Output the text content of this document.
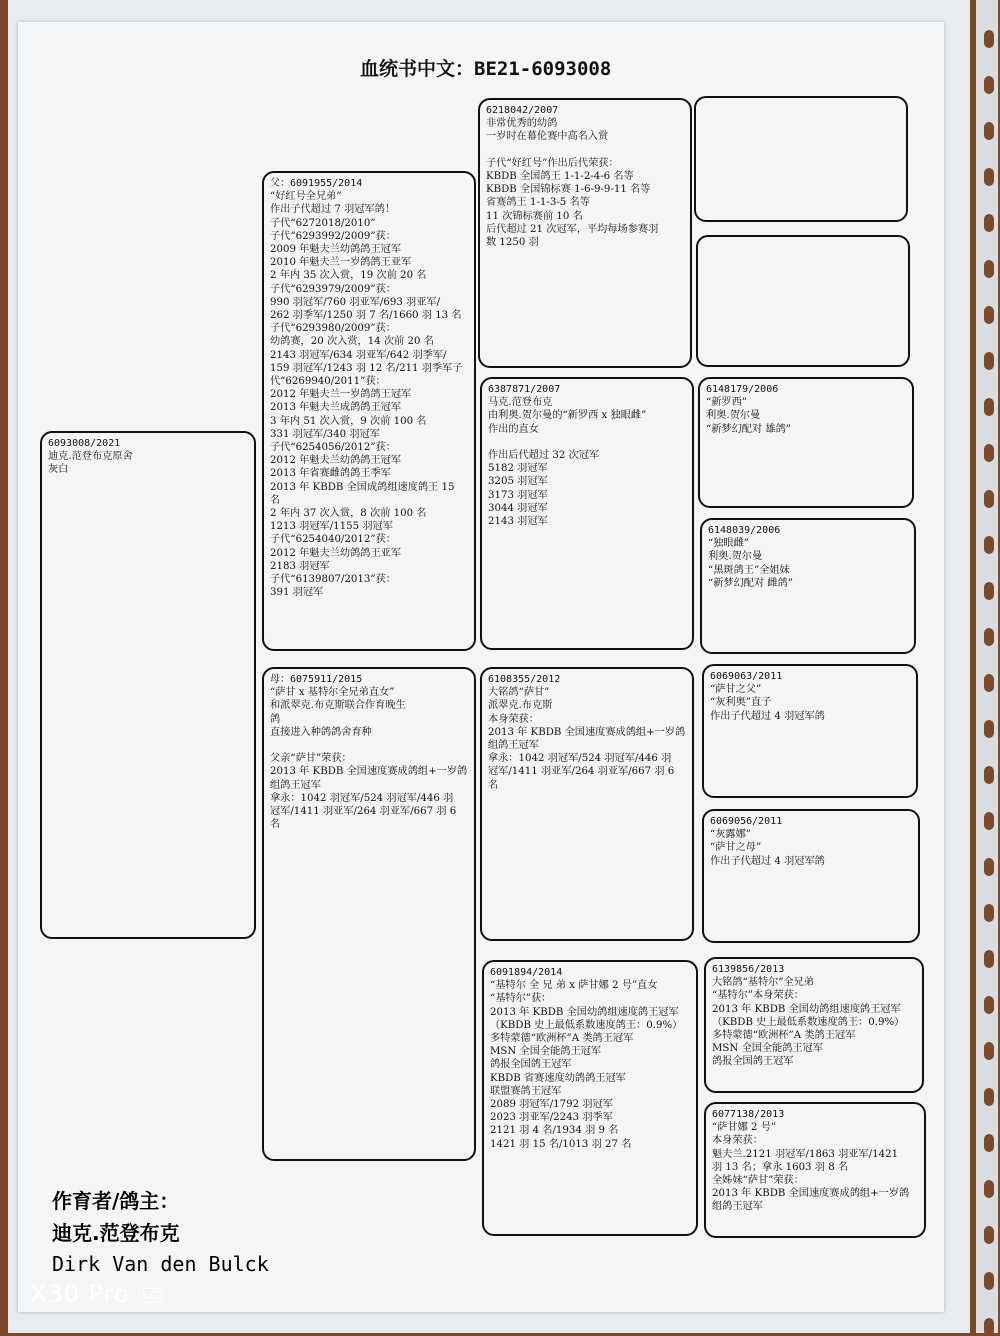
血统书中文：BE21-6093008
6093008/2021
迪克.范登布克原舍
灰白
父：6091955/2014
“好红号全兄弟”
作出子代超过 7 羽冠军鸽！
子代“6272018/2010”
子代“6293992/2009”获：
2009 年魁夫兰幼鸽鸽王冠军
2010 年魁夫兰一岁鸽鸽王亚军
2 年内 35 次入赏，19 次前 20 名
子代“6293979/2009”获：
990 羽冠军/760 羽亚军/693 羽亚军/
262 羽季军/1250 羽 7 名/1660 羽 13 名
子代“6293980/2009”获：
幼鸽赛，20 次入赏，14 次前 20 名
2143 羽冠军/634 羽亚军/642 羽季军/
159 羽冠军/1243 羽 12 名/211 羽季军子
代“6269940/2011”获：
2012 年魁夫兰一岁鸽鸽王冠军
2013 年魁夫兰成鸽鸽王冠军
3 年内 51 次入赏，9 次前 100 名
331 羽冠军/340 羽冠军
子代“6254056/2012”获：
2012 年魁夫兰幼鸽鸽王冠军
2013 年省赛雌鸽鸽王季军
2013 年 KBDB 全国成鸽组速度鸽王 15
名
2 年内 37 次入赏，8 次前 100 名
1213 羽冠军/1155 羽冠军
子代“6254040/2012”获：
2012 年魁夫兰幼鸽鸽王亚军
2183 羽冠军
子代“6139807/2013”获：
391 羽冠军
母：6075911/2015
“萨甘 x 基特尔全兄弟直女”
和派翠克.布克斯联合作育晚生
鸽
直接进入种鸽鸽舍育种
父亲“萨甘”荣获：
2013 年 KBDB 全国速度赛成鸽组+一岁鸽
组鸽王冠军
拿永：1042 羽冠军/524 羽冠军/446 羽
冠军/1411 羽亚军/264 羽亚军/667 羽 6
名
6218042/2007
非常优秀的幼鸽
一岁时在幕伦赛中高名入赏
子代“好红号”作出后代荣获：
KBDB 全国鸽王 1-1-2-4-6 名等
KBDB 全国锦标赛 1-6-9-9-11 名等
省赛鸽王 1-1-3-5 名等
11 次锦标赛前 10 名
后代超过 21 次冠军，平均每场参赛羽
数 1250 羽
6387871/2007
马克.范登布克
由利奥.贺尔曼的“新罗西 x 独眼雌”
作出的直女
作出后代超过 32 次冠军
5182 羽冠军
3205 羽冠军
3173 羽冠军
3044 羽冠军
2143 羽冠军
6108355/2012
大铭鸽“萨甘”
派翠克.布克斯
本身荣获：
2013 年 KBDB 全国速度赛成鸽组+一岁鸽
组鸽王冠军
拿永：1042 羽冠军/524 羽冠军/446 羽
冠军/1411 羽亚军/264 羽亚军/667 羽 6
名
6091894/2014
“基特尔 全 兄 弟 x 萨甘娜 2 号”直女
“基特尔”获：
2013 年 KBDB 全国幼鸽组速度鸽王冠军
（KBDB 史上最低系数速度鸽王：0.9%）
多特蒙德“欧洲杯”A 类鸽王冠军
MSN 全国全能鸽王冠军
鸽报全国鸽王冠军
KBDB 省赛速度幼鸽鸽王冠军
联盟赛鸽王冠军
2089 羽冠军/1792 羽冠军
2023 羽亚军/2243 羽季军
2121 羽 4 名/1934 羽 9 名
1421 羽 15 名/1013 羽 27 名
6148179/2006
“新罗西”
利奥.贺尔曼
“新梦幻配对 雄鸽”
6148039/2006
“独眼雌”
利奥.贺尔曼
“黑斑鸽王”全姐妹
“新梦幻配对 雌鸽”
6069063/2011
“萨甘之父”
“灰利奥”直子
作出子代超过 4 羽冠军鸽
6069056/2011
“灰露娜”
“萨甘之母”
作出子代超过 4 羽冠军鸽
6139856/2013
大铭鸽“基特尔”全兄弟
“基特尔”本身荣获：
2013 年 KBDB 全国幼鸽组速度鸽王冠军
（KBDB 史上最低系数速度鸽王：0.9%）
多特蒙德“欧洲杯”A 类鸽王冠军
MSN 全国全能鸽王冠军
鸽报全国鸽王冠军
6077138/2013
“萨甘娜 2 号”
本身荣获：
魁夫兰.2121 羽冠军/1863 羽亚军/1421
羽 13 名；拿永 1603 羽 8 名
全姊妹“萨甘”荣获：
2013 年 KBDB 全国速度赛成鸽组+一岁鸽
组鸽王冠军
作育者/鸽主：
迪克.范登布克
Dirk Van den Bulck
X30 Pro 5G
